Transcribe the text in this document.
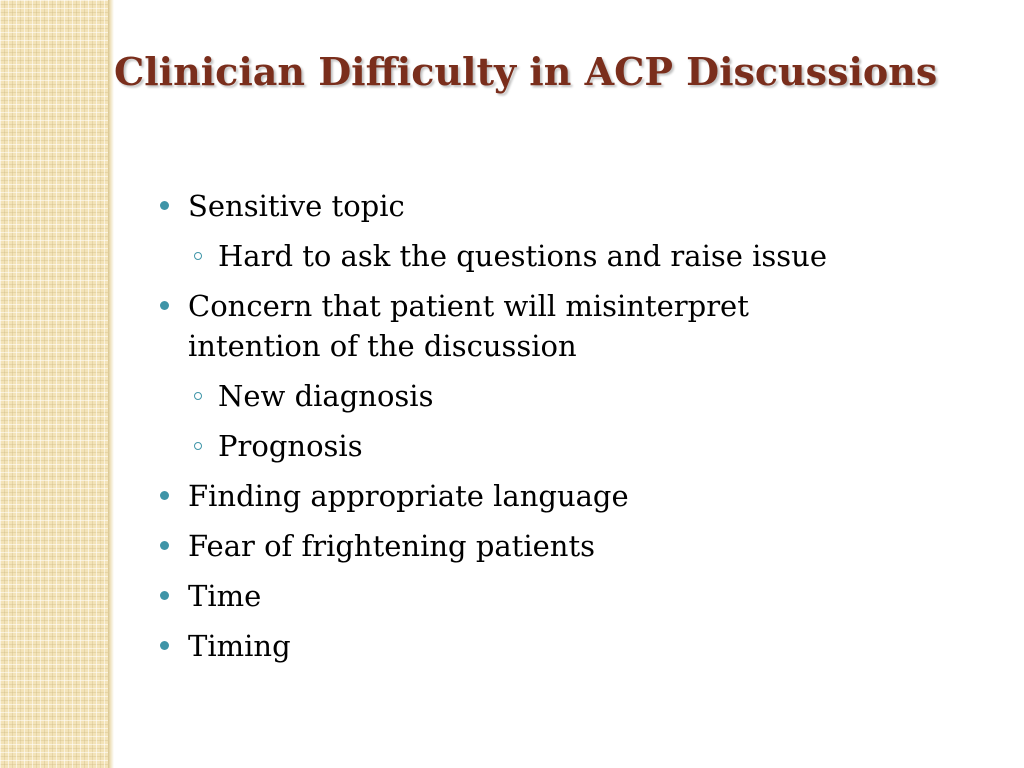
Clinician Difficulty in ACP Discussions
Sensitive topic
Hard to ask the questions and raise issue
Concern that patient will misinterpret intention of the discussion
New diagnosis
Prognosis
Finding appropriate language
Fear of frightening patients
Time
Timing
